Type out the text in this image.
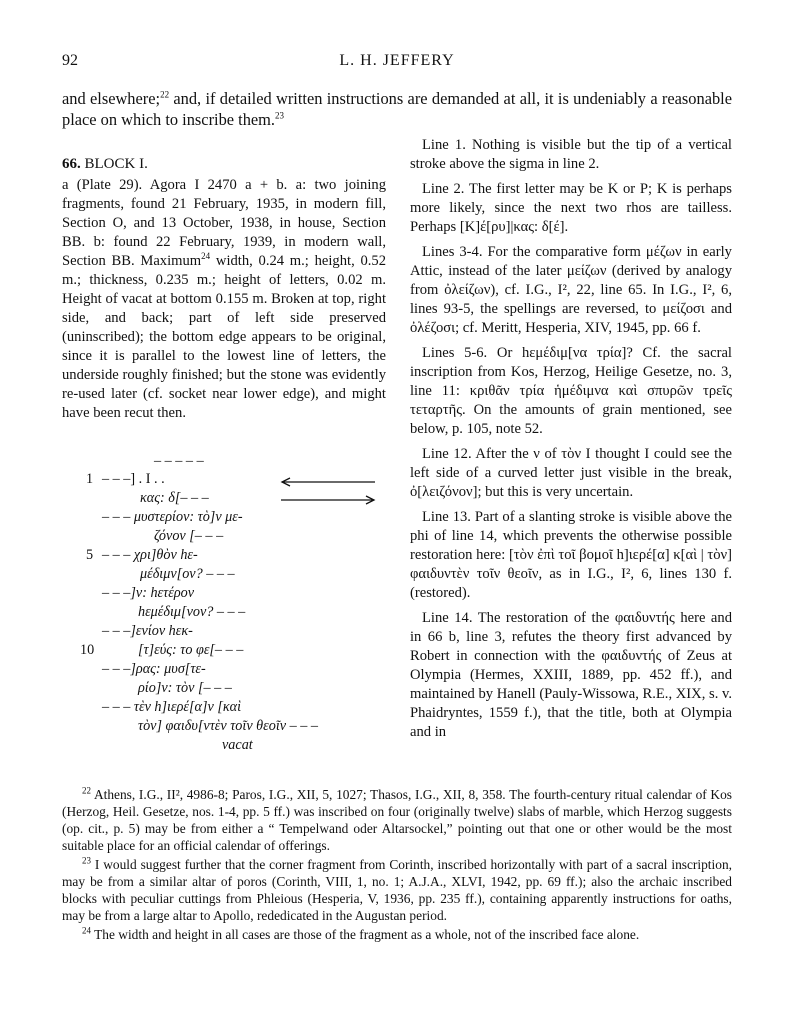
92	L. H. JEFFERY

and elsewhere;$^{22}$ and, if detailed written instructions are demanded at all, it is undeniably a reasonable place on which to inscribe them.$^{23}$

66. BLOCK I.

a (Plate 29). Agora I 2470 a + b. a: two joining fragments, found 21 February, 1935, in modern fill, Section O, and 13 October, 1938, in house, Section BB. b: found 22 February, 1939, in modern wall, Section BB. Maximum$^{24}$ width, 0.24 m.; height, 0.52 m.; thickness, 0.235 m.; height of letters, 0.02 m. Height of vacat at bottom 0.155 m. Broken at top, right side, and back; part of left side preserved (uninscribed); the bottom edge appears to be original, since it is parallel to the lowest line of letters, the underside roughly finished; but the stone was evidently re-used later (cf. socket near lower edge), and might have been recut then.

– – – – –
1 – – –] . I . .
κας: δ[– – –
– – – μυστερίον: τὸ]ν με-
ζόνον [– – –
5 – – – χρι]θὸν hε-
μέδιμν[ον? – – –
– – –]ν: hετέρον
hεμέδιμ[νον? – – –
– – –]ενίον hεκ-
10	[τ]εύς: το φε[– – –
– – –]ρας: μυσ[τε-
ρίο]ν: τὸν [– – –
– – – τὲν h]ιερέ[α]ν [καὶ
τὸν] φαιδυ[ντὲν τοῖν θεοῖν – – –
vacat

Line 1. Nothing is visible but the tip of a vertical stroke above the sigma in line 2.

Line 2. The first letter may be K or P; K is perhaps more likely, since the next two rhos are tailless. Perhaps [Κ]έ[ρυ]|κας: δ[έ].

Lines 3-4. For the comparative form μέζων in early Attic, instead of the later μείζων (derived by analogy from ὀλείζων), cf. I.G., I², 22, line 65. In I.G., I², 6, lines 93-5, the spellings are reversed, to μείζοσι and ὀλέζοσι; cf. Meritt, Hesperia, XIV, 1945, pp. 66 f.

Lines 5-6. Or hεμέδιμ[να τρία]? Cf. the sacral inscription from Kos, Herzog, Heilige Gesetze, no. 3, line 11: κριθᾶν τρία ἡμέδιμνα καὶ σπυρῶν τρεῖς τεταρτῆς. On the amounts of grain mentioned, see below, p. 105, note 52.

Line 12. After the ν of τὸν I thought I could see the left side of a curved letter just visible in the break, ὀ[λειζόνον]; but this is very uncertain.

Line 13. Part of a slanting stroke is visible above the phi of line 14, which prevents the otherwise possible restoration here: [τὸν ἐπὶ τοῖ βομοῖ h]ιερέ[α] κ[αὶ | τὸν] φαιδυντὲν τοῖν θεοῖν, as in I.G., I², 6, lines 130 f. (restored).

Line 14. The restoration of the φαιδυντής here and in 66 b, line 3, refutes the theory first advanced by Robert in connection with the φαιδυντής of Zeus at Olympia (Hermes, XXIII, 1889, pp. 452 ff.), and maintained by Hanell (Pauly-Wissowa, R.E., XIX, s. v. Phaidryntes, 1559 f.), that the title, both at Olympia and in

$^{22}$ Athens, I.G., II², 4986-8; Paros, I.G., XII, 5, 1027; Thasos, I.G., XII, 8, 358. The fourth-century ritual calendar of Kos (Herzog, Heil. Gesetze, nos. 1-4, pp. 5 ff.) was inscribed on four (originally twelve) slabs of marble, which Herzog suggests (op. cit., p. 5) may be from either a “ Tempelwand oder Altarsockel,” pointing out that one or other would be the most suitable place for an official calendar of offerings.

$^{23}$ I would suggest further that the corner fragment from Corinth, inscribed horizontally with part of a sacral inscription, may be from a similar altar of poros (Corinth, VIII, 1, no. 1; A.J.A., XLVI, 1942, pp. 69 ff.); also the archaic inscribed blocks with peculiar cuttings from Phleious (Hesperia, V, 1936, pp. 235 ff.), containing apparently instructions for oaths, may be from a large altar to Apollo, rededicated in the Augustan period.

$^{24}$ The width and height in all cases are those of the fragment as a whole, not of the inscribed face alone.
